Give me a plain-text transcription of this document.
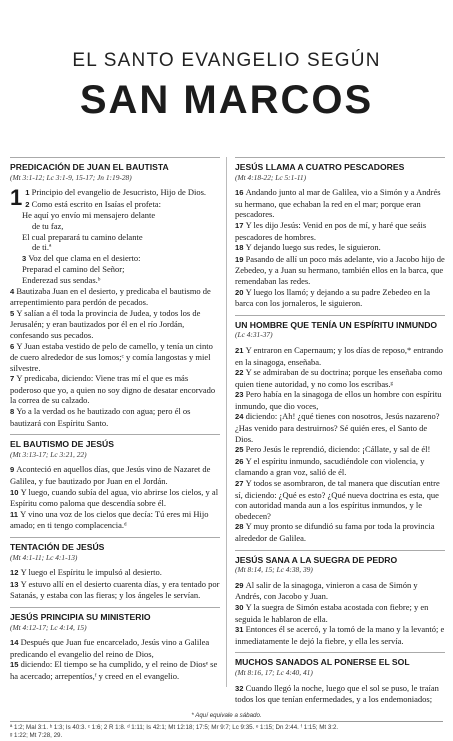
EL SANTO EVANGELIO SEGÚN
SAN MARCOS

PREDICACIÓN DE JUAN EL BAUTISTA

(Mt 3:1-12; Lc 3:1-9, 15-17; Jn 1:19-28)

1 1 Principio del evangelio de Jesucristo, Hijo de Dios.

2 Como está escrito en Isaías el profeta:

He aquí yo envío mi mensajero delante

de tu faz,

El cual preparará tu camino delante

de ti.ª

3 Voz del que clama en el desierto:

Preparad el camino del Señor;

Enderezad sus sendas.ᵇ

4 Bautizaba Juan en el desierto, y predicaba el bautismo de arrepentimiento para perdón de pecados.

5 Y salían a él toda la provincia de Judea, y todos los de Jerusalén; y eran bautizados por él en el río Jordán, confesando sus pecados.

6 Y Juan estaba vestido de pelo de camello, y tenía un cinto de cuero alrededor de sus lomos;ᶜ y comía langostas y miel silvestre.

7 Y predicaba, diciendo: Viene tras mí el que es más poderoso que yo, a quien no soy digno de desatar encorvado la correa de su calzado.

8 Yo a la verdad os he bautizado con agua; pero él os bautizará con Espíritu Santo.

EL BAUTISMO DE JESÚS

(Mt 3:13-17; Lc 3:21, 22)

9 Aconteció en aquellos días, que Jesús vino de Nazaret de Galilea, y fue bautizado por Juan en el Jordán.

10 Y luego, cuando subía del agua, vio abrirse los cielos, y al Espíritu como paloma que descendía sobre él.

11 Y vino una voz de los cielos que decía: Tú eres mi Hijo amado; en ti tengo complacencia.ᵈ

TENTACIÓN DE JESÚS

(Mt 4:1-11; Lc 4:1-13)

12 Y luego el Espíritu le impulsó al desierto.

13 Y estuvo allí en el desierto cuarenta días, y era tentado por Satanás, y estaba con las fieras; y los ángeles le servían.

JESÚS PRINCIPIA SU MINISTERIO

(Mt 4:12-17; Lc 4:14, 15)

14 Después que Juan fue encarcelado, Jesús vino a Galilea predicando el evangelio del reino de Dios,

15 diciendo: El tiempo se ha cumplido, y el reino de Diosᵉ se ha acercado; arrepentíos,ᶠ y creed en el evangelio.

JESÚS LLAMA A CUATRO PESCADORES

(Mt 4:18-22; Lc 5:1-11)

16 Andando junto al mar de Galilea, vio a Simón y a Andrés su hermano, que echaban la red en el mar; porque eran pescadores.

17 Y les dijo Jesús: Venid en pos de mí, y haré que seáis pescadores de hombres.

18 Y dejando luego sus redes, le siguieron.

19 Pasando de allí un poco más adelante, vio a Jacobo hijo de Zebedeo, y a Juan su hermano, también ellos en la barca, que remendaban las redes.

20 Y luego los llamó; y dejando a su padre Zebedeo en la barca con los jornaleros, le siguieron.

UN HOMBRE QUE TENÍA UN ESPÍRITU INMUNDO

(Lc 4:31-37)

21 Y entraron en Capernaum; y los días de reposo,* entrando en la sinagoga, enseñaba.

22 Y se admiraban de su doctrina; porque les enseñaba como quien tiene autoridad, y no como los escribas.ᵍ

23 Pero había en la sinagoga de ellos un hombre con espíritu inmundo, que dio voces,

24 diciendo: ¡Ah! ¿qué tienes con nosotros, Jesús nazareno? ¿Has venido para destruirnos? Sé quién eres, el Santo de Dios.

25 Pero Jesús le reprendió, diciendo: ¡Cállate, y sal de él!

26 Y el espíritu inmundo, sacudiéndole con violencia, y clamando a gran voz, salió de él.

27 Y todos se asombraron, de tal manera que discutían entre sí, diciendo: ¿Qué es esto? ¿Qué nueva doctrina es esta, que con autoridad manda aun a los espíritus inmundos, y le obedecen?

28 Y muy pronto se difundió su fama por toda la provincia alrededor de Galilea.

JESÚS SANA A LA SUEGRA DE PEDRO

(Mt 8:14, 15; Lc 4:38, 39)

29 Al salir de la sinagoga, vinieron a casa de Simón y Andrés, con Jacobo y Juan.

30 Y la suegra de Simón estaba acostada con fiebre; y en seguida le hablaron de ella.

31 Entonces él se acercó, y la tomó de la mano y la levantó; e inmediatamente le dejó la fiebre, y ella les servía.

MUCHOS SANADOS AL PONERSE EL SOL

(Mt 8:16, 17; Lc 4:40, 41)

32 Cuando llegó la noche, luego que el sol se puso, le traían todos los que tenían enfermedades, y a los endemoniados;

* Aquí equivale a sábado.
ª 1:2; Mal 3:1. ᵇ 1:3; Is 40:3. ᶜ 1:6; 2 R 1:8. ᵈ 1:11; Is 42:1; Mt 12:18; 17:5; Mr 9:7; Lc 9:35. ᵉ 1:15; Dn 2:44. ᶠ 1:15; Mt 3:2.
ᵍ 1:22; Mt 7:28, 29.
